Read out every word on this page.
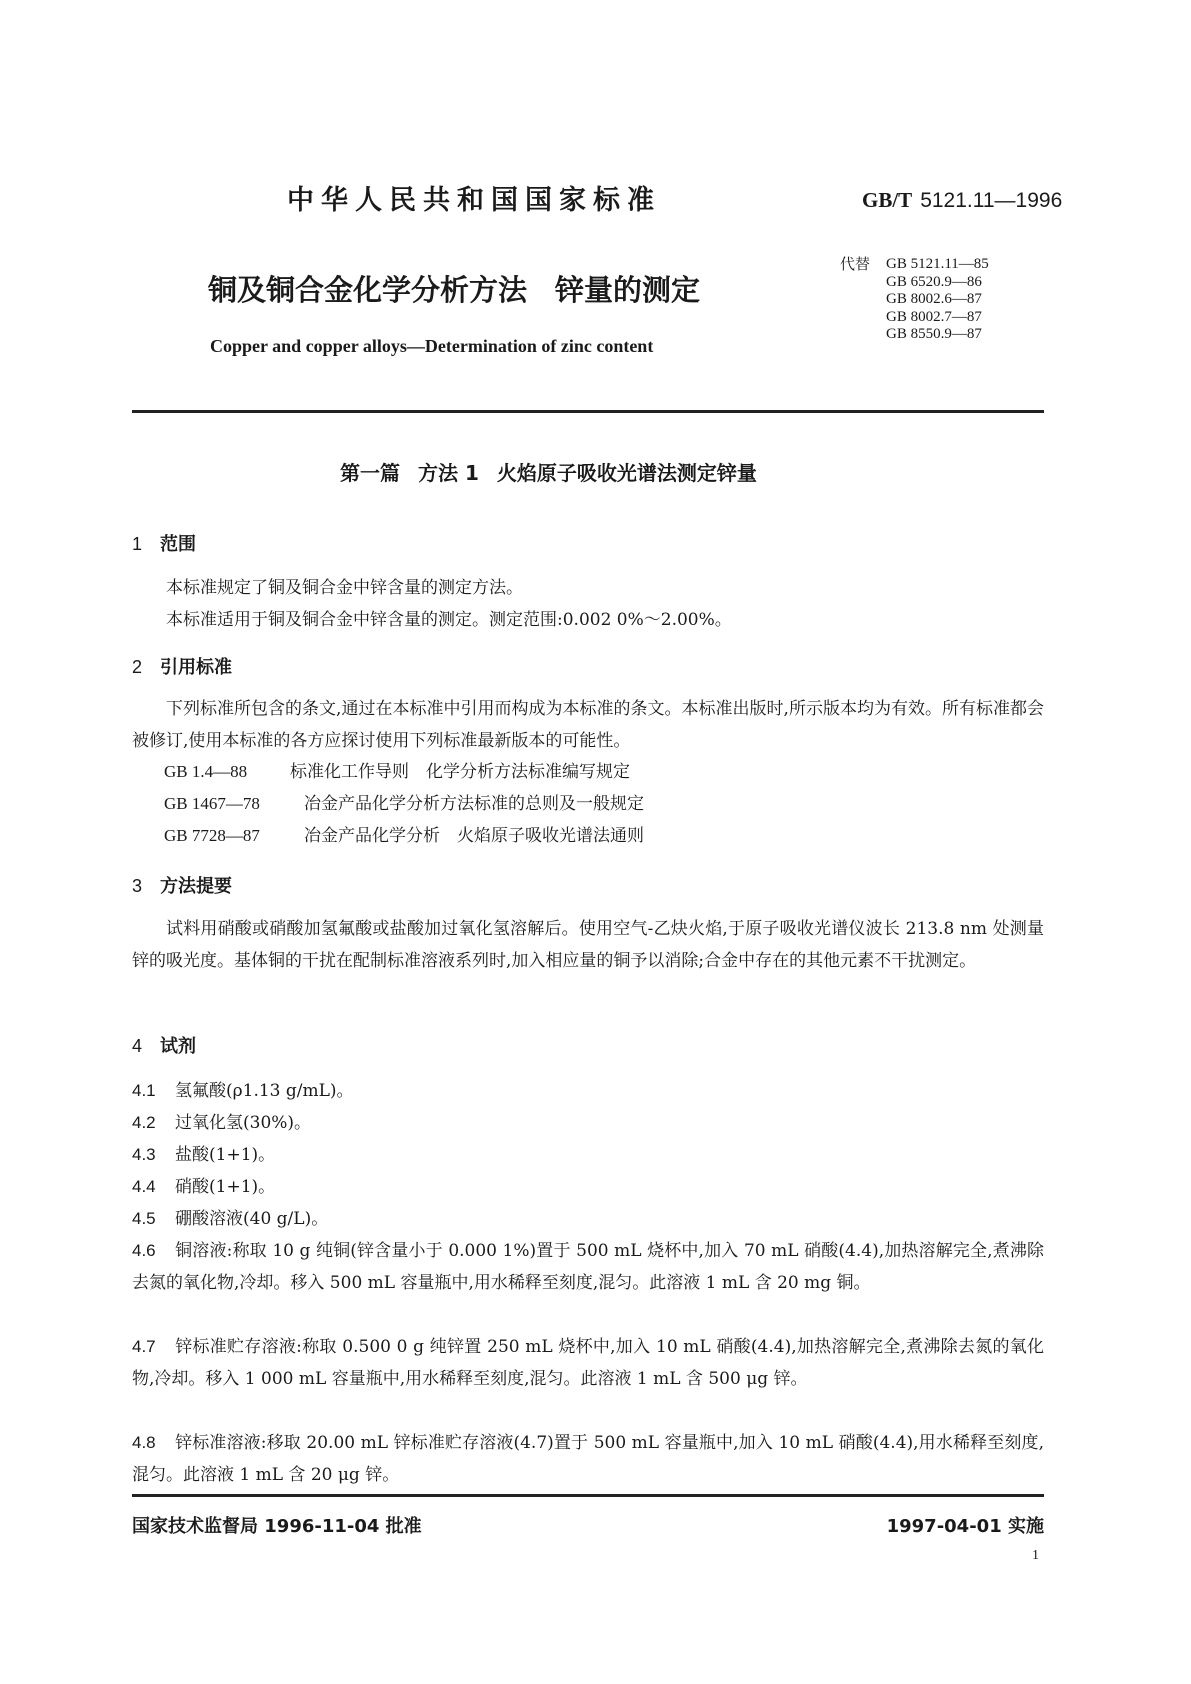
中华人民共和国国家标准	GB/T 5121.11—1996
铜及铜合金化学分析方法 锌量的测定
Copper and copper alloys—Determination of zinc content
代替 GB 5121.11—85
GB 6520.9—86
GB 8002.6—87
GB 8002.7—87
GB 8550.9—87
第一篇 方法 1 火焰原子吸收光谱法测定锌量
1 范围
本标准规定了铜及铜合金中锌含量的测定方法。
本标准适用于铜及铜合金中锌含量的测定。测定范围:0.002 0%～2.00%。
2 引用标准
下列标准所包含的条文,通过在本标准中引用而构成为本标准的条文。本标准出版时,所示版本均为有效。所有标准都会被修订,使用本标准的各方应探讨使用下列标准最新版本的可能性。
GB 1.4—88	标准化工作导则　化学分析方法标准编写规定
GB 1467—78	冶金产品化学分析方法标准的总则及一般规定
GB 7728—87	冶金产品化学分析　火焰原子吸收光谱法通则
3 方法提要
试料用硝酸或硝酸加氢氟酸或盐酸加过氧化氢溶解后。使用空气-乙炔火焰,于原子吸收光谱仪波长 213.8 nm 处测量锌的吸光度。基体铜的干扰在配制标准溶液系列时,加入相应量的铜予以消除;合金中存在的其他元素不干扰测定。
4 试剂
4.1 氢氟酸(ρ1.13 g/mL)。
4.2 过氧化氢(30%)。
4.3 盐酸(1+1)。
4.4 硝酸(1+1)。
4.5 硼酸溶液(40 g/L)。
4.6 铜溶液:称取 10 g 纯铜(锌含量小于 0.000 1%)置于 500 mL 烧杯中,加入 70 mL 硝酸(4.4),加热溶解完全,煮沸除去氮的氧化物,冷却。移入 500 mL 容量瓶中,用水稀释至刻度,混匀。此溶液 1 mL 含 20 mg 铜。
4.7 锌标准贮存溶液:称取 0.500 0 g 纯锌置 250 mL 烧杯中,加入 10 mL 硝酸(4.4),加热溶解完全,煮沸除去氮的氧化物,冷却。移入 1 000 mL 容量瓶中,用水稀释至刻度,混匀。此溶液 1 mL 含 500 μg 锌。
4.8 锌标准溶液:移取 20.00 mL 锌标准贮存溶液(4.7)置于 500 mL 容量瓶中,加入 10 mL 硝酸(4.4),用水稀释至刻度,混匀。此溶液 1 mL 含 20 μg 锌。
国家技术监督局 1996-11-04 批准	1997-04-01 实施
1
